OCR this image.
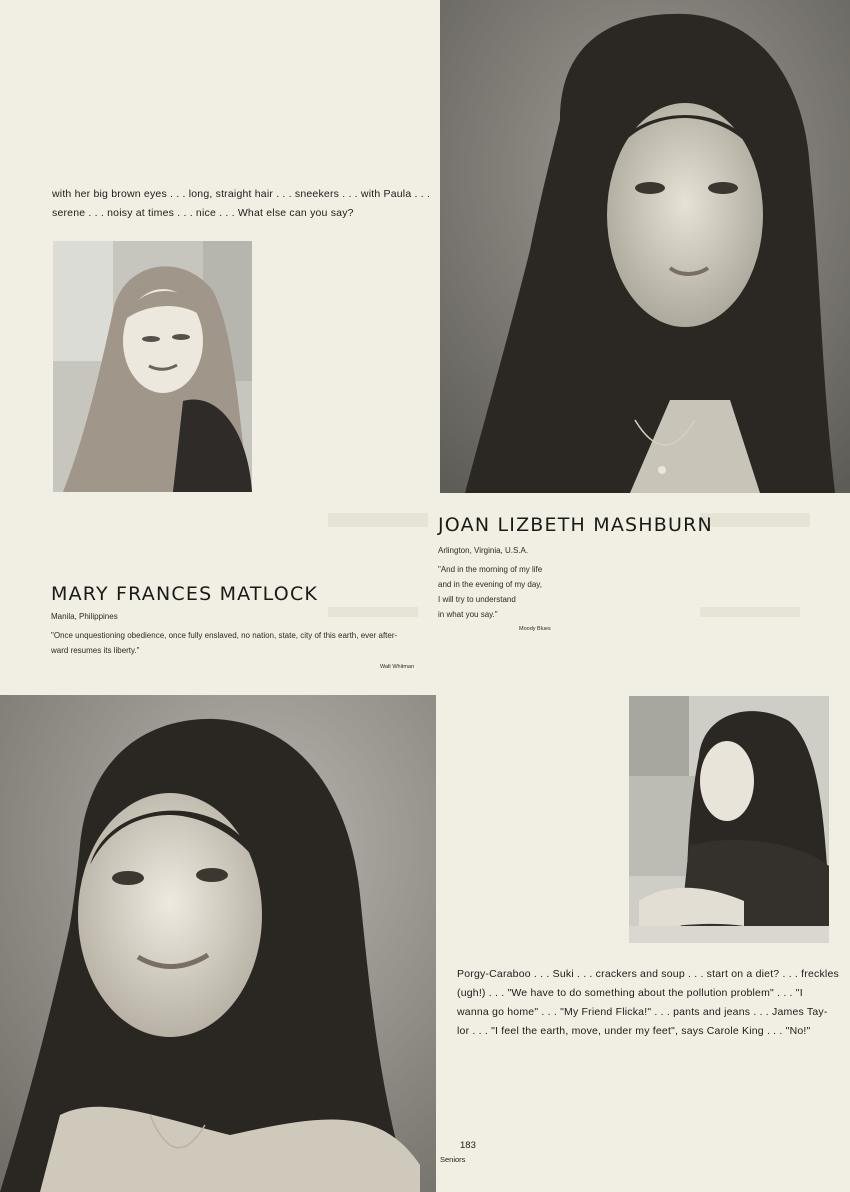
with her big brown eyes . . . long, straight hair . . . sneekers . . . with Paula . . .
serene . . . noisy at times . . . nice . . . What else can you say?
JOAN LIZBETH MASHBURN
Arlington, Virginia, U.S.A.
"And in the morning of my life
and in the evening of my day,
I will try to understand
in what you say."
Moody Blues
MARY FRANCES MATLOCK
Manila, Philippines
"Once unquestioning obedience, once fully enslaved, no nation, state, city of this earth, ever after-
ward resumes its liberty."
Walt Whitman
Porgy-Caraboo . . . Suki . . . crackers and soup . . . start on a diet? . . . freckles
(ugh!) . . . "We have to do something about the pollution problem" . . . "I
wanna go home" . . . "My Friend Flicka!" . . . pants and jeans . . . James Tay-
lor . . . "I feel the earth, move, under my feet", says Carole King . . . "No!"
183
Seniors
